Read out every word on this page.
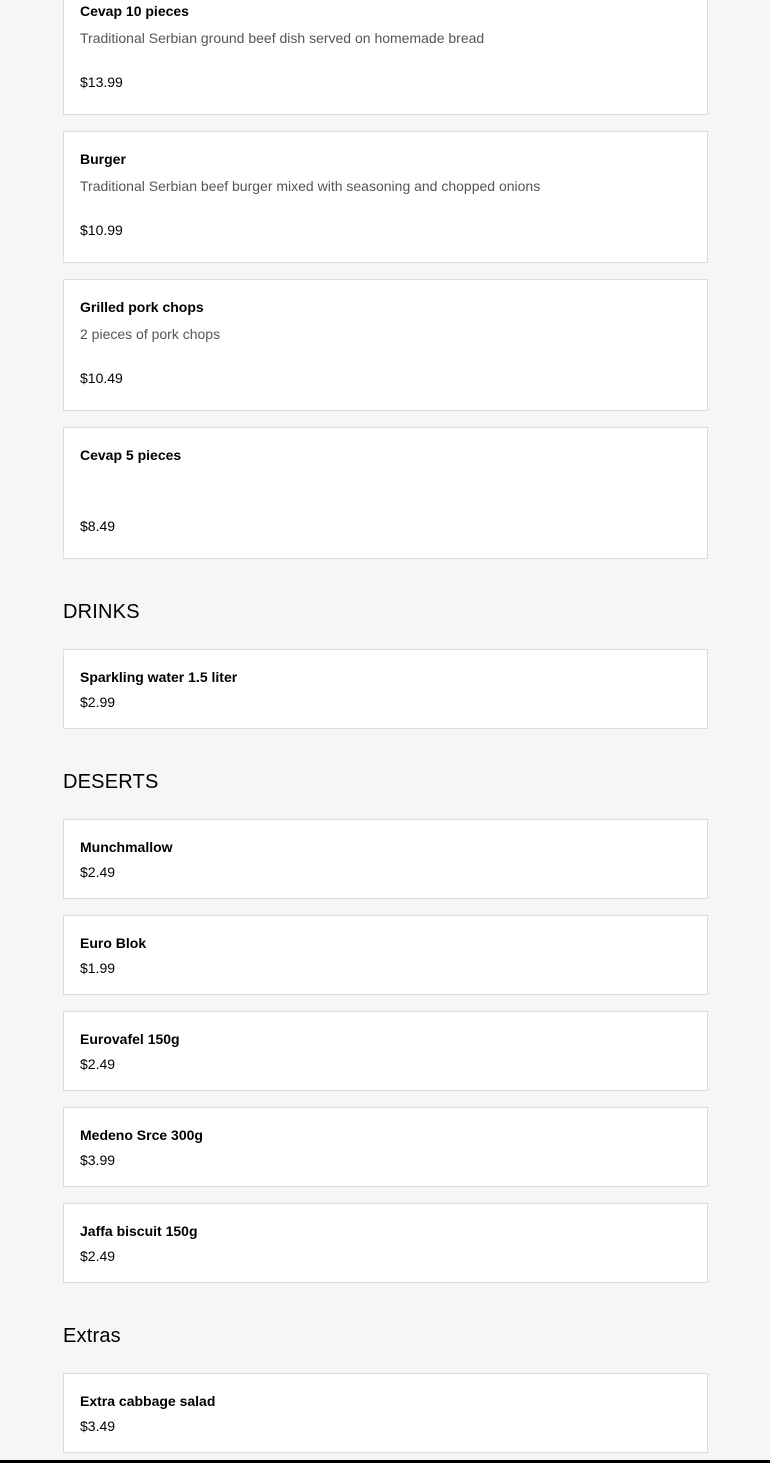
Cevap 10 pieces
Traditional Serbian ground beef dish served on homemade bread
$13.99
Burger
Traditional Serbian beef burger mixed with seasoning and chopped onions
$10.99
Grilled pork chops
2 pieces of pork chops
$10.49
Cevap 5 pieces
$8.49
DRINKS
Sparkling water 1.5 liter
$2.99
DESERTS
Munchmallow
$2.49
Euro Blok
$1.99
Eurovafel 150g
$2.49
Medeno Srce 300g
$3.99
Jaffa biscuit 150g
$2.49
Extras
Extra cabbage salad
$3.49
